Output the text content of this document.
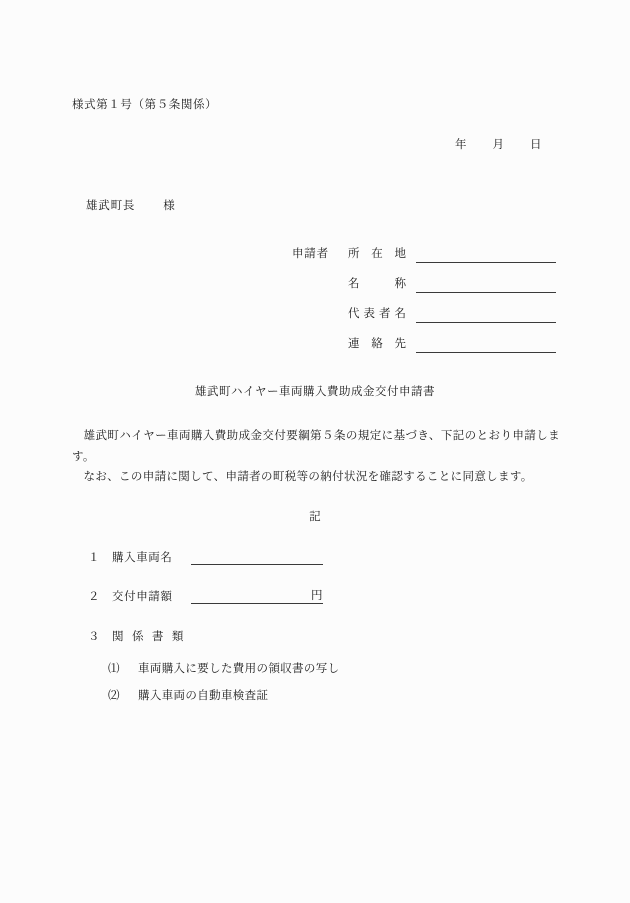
様式第１号（第５条関係）
年 月 日
雄武町長 様
申請者	所在地
名称
代表者名
連絡先
雄武町ハイヤー車両購入費助成金交付申請書
雄武町ハイヤー車両購入費助成金交付要綱第５条の規定に基づき、下記のとおり申請します。
なお、この申請に関して、申請者の町税等の納付状況を確認することに同意します。
記
１	購入車両名
２	交付申請額	円
３	関係書類
⑴	車両購入に要した費用の領収書の写し
⑵	購入車両の自動車検査証
